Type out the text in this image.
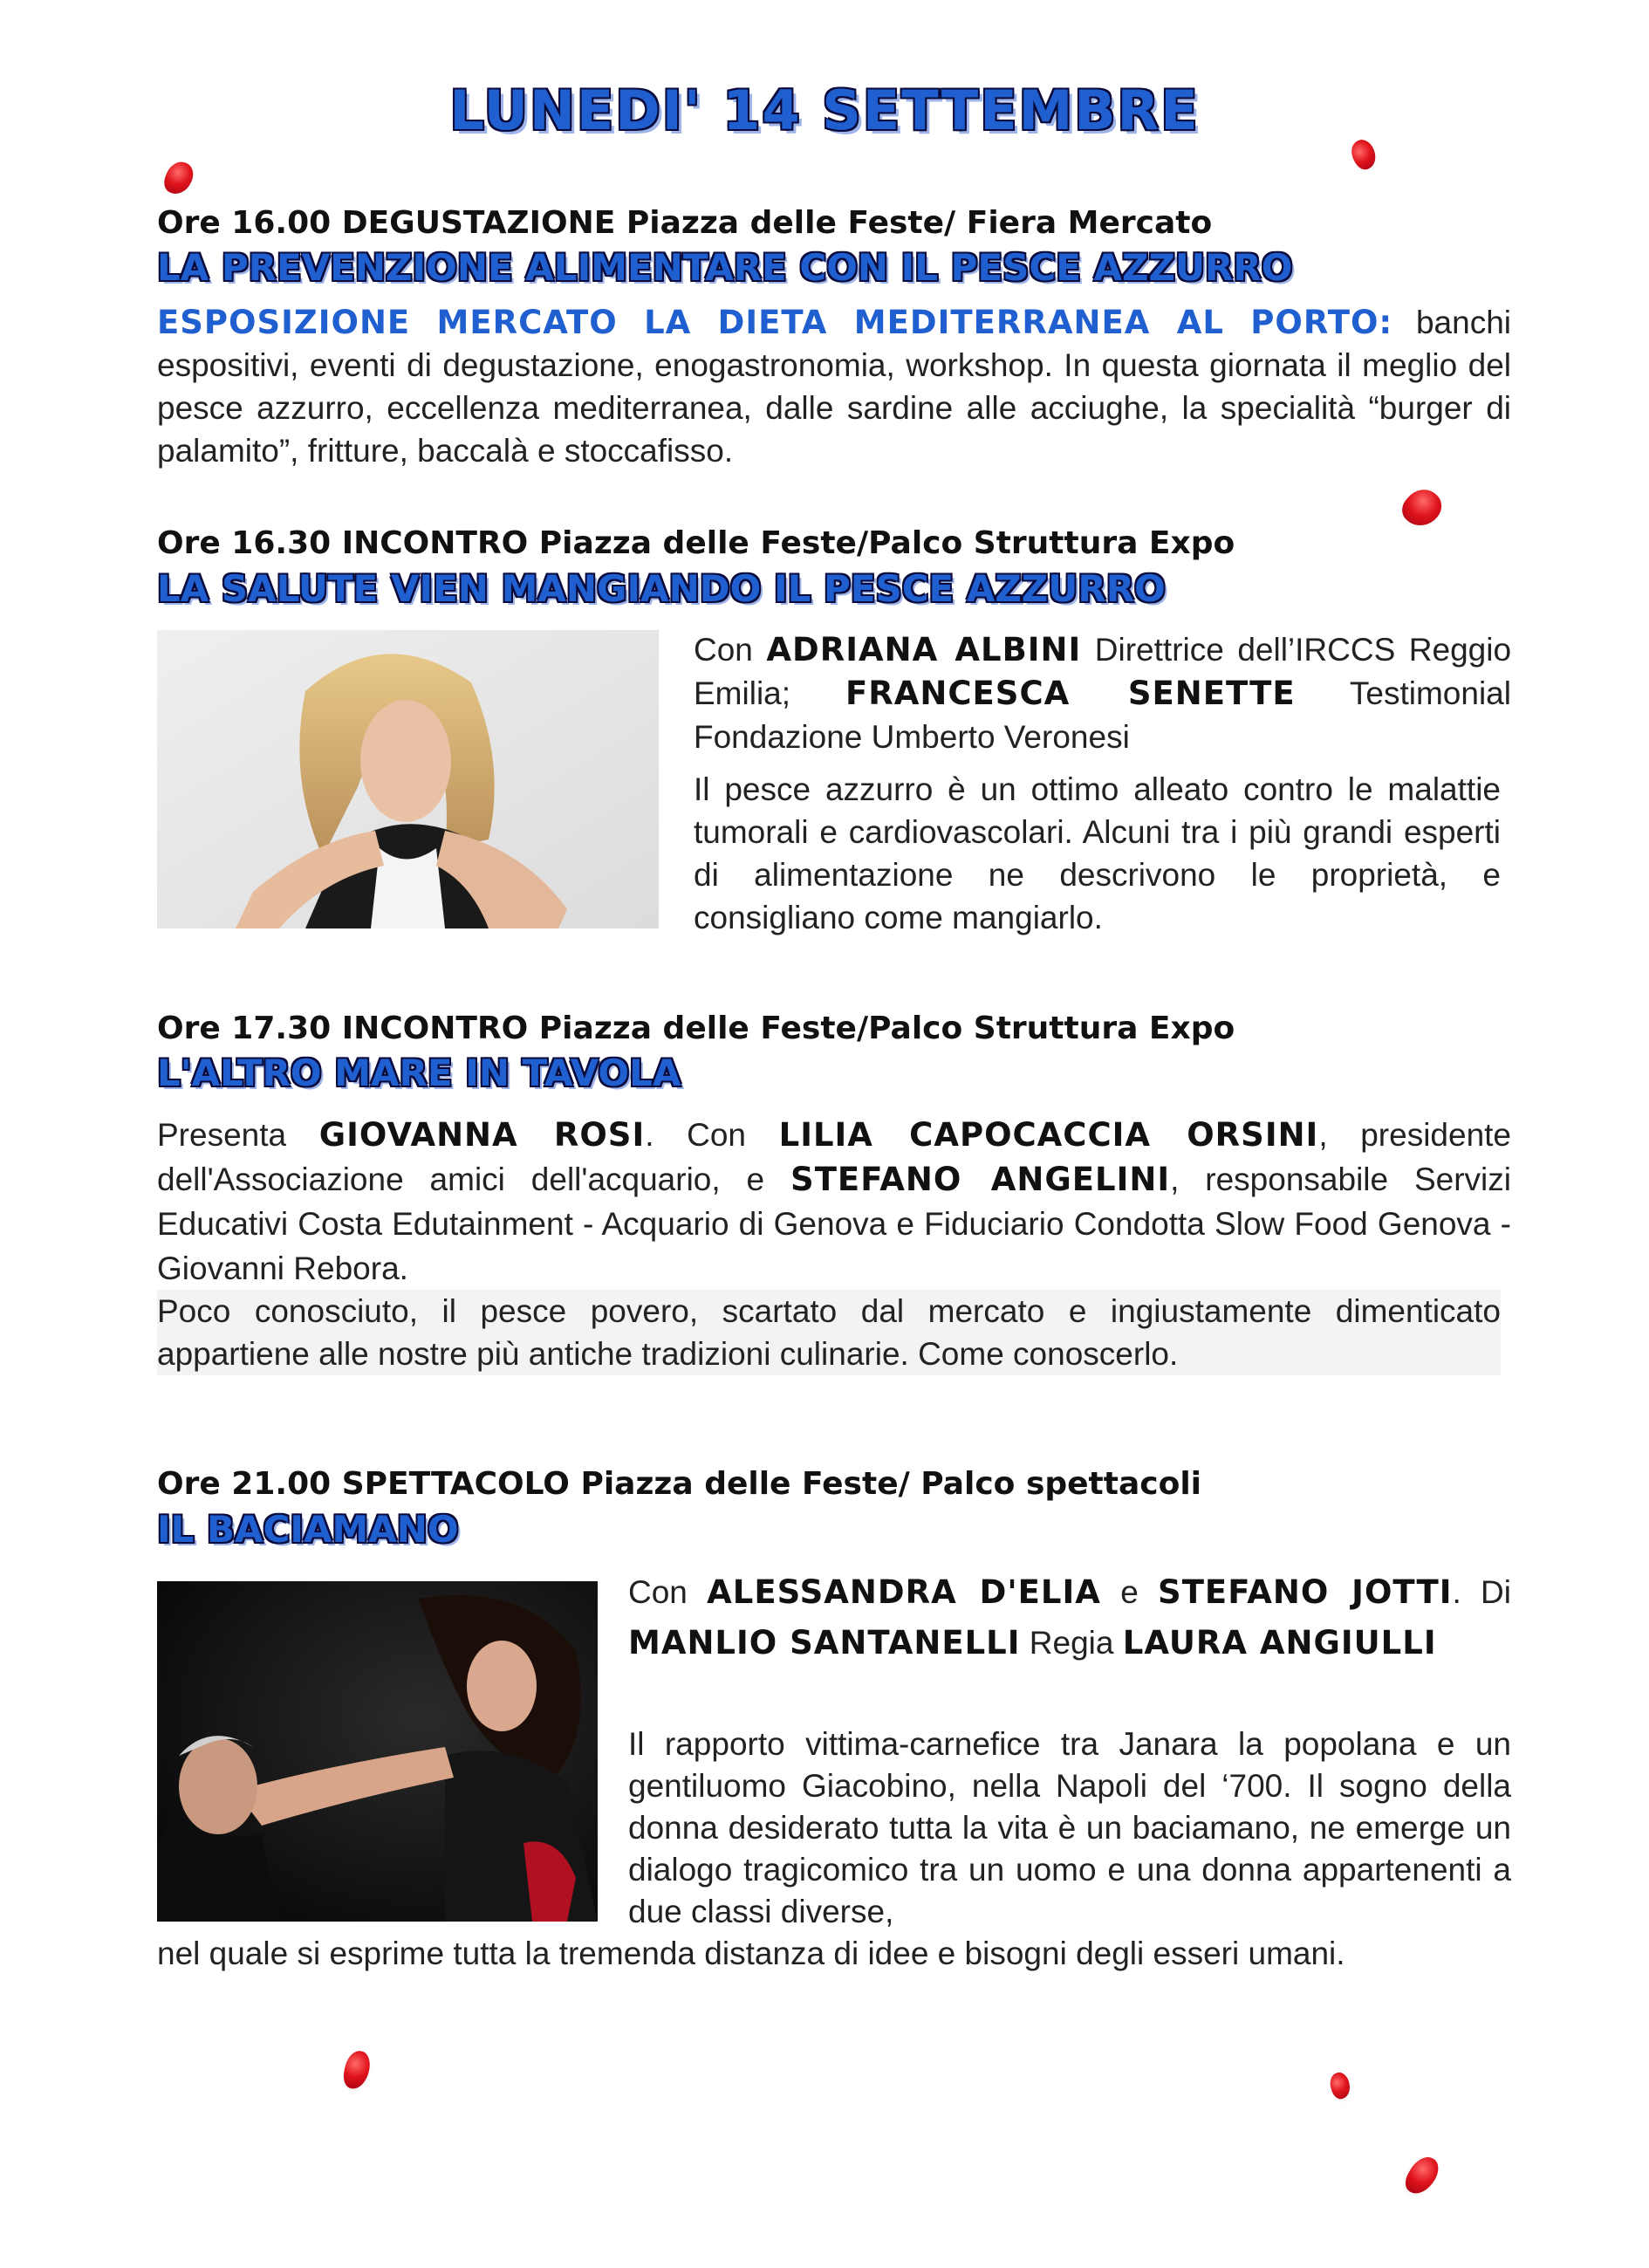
LUNEDI' 14 SETTEMBRE
Ore 16.00 DEGUSTAZIONE Piazza delle Feste/ Fiera Mercato
LA PREVENZIONE ALIMENTARE CON IL PESCE AZZURRO
ESPOSIZIONE MERCATO LA DIETA MEDITERRANEA AL PORTO: banchi espositivi, eventi di degustazione, enogastronomia, workshop. In questa giornata il meglio del pesce azzurro, eccellenza mediterranea, dalle sardine alle acciughe, la specialità “burger di palamito”, fritture, baccalà e stoccafisso.
Ore 16.30 INCONTRO Piazza delle Feste/Palco Struttura Expo
LA SALUTE VIEN MANGIANDO IL PESCE AZZURRO
Con ADRIANA ALBINI Direttrice dell’IRCCS Reggio Emilia; FRANCESCA SENETTE Testimonial Fondazione Umberto Veronesi
Il pesce azzurro è un ottimo alleato contro le malattie tumorali e cardiovascolari. Alcuni tra i più grandi esperti di alimentazione ne descrivono le proprietà, e consigliano come mangiarlo.
Ore 17.30 INCONTRO Piazza delle Feste/Palco Struttura Expo
L'ALTRO MARE IN TAVOLA
Presenta GIOVANNA ROSI. Con LILIA CAPOCACCIA ORSINI, presidente dell'Associazione amici dell'acquario, e STEFANO ANGELINI, responsabile Servizi Educativi Costa Edutainment - Acquario di Genova e Fiduciario Condotta Slow Food Genova - Giovanni Rebora.
Poco conosciuto, il pesce povero, scartato dal mercato e ingiustamente dimenticato appartiene alle nostre più antiche tradizioni culinarie. Come conoscerlo.
Ore 21.00 SPETTACOLO Piazza delle Feste/ Palco spettacoli
IL BACIAMANO
Con ALESSANDRA D'ELIA e STEFANO JOTTI. Di MANLIO SANTANELLI Regia LAURA ANGIULLI
Il rapporto vittima-carnefice tra Janara la popolana e un gentiluomo Giacobino, nella Napoli del ‘700. Il sogno della donna desiderato tutta la vita è un baciamano, ne emerge un dialogo tragicomico tra un uomo e una donna appartenenti a due classi diverse,
nel quale si esprime tutta la tremenda distanza di idee e bisogni degli esseri umani.
